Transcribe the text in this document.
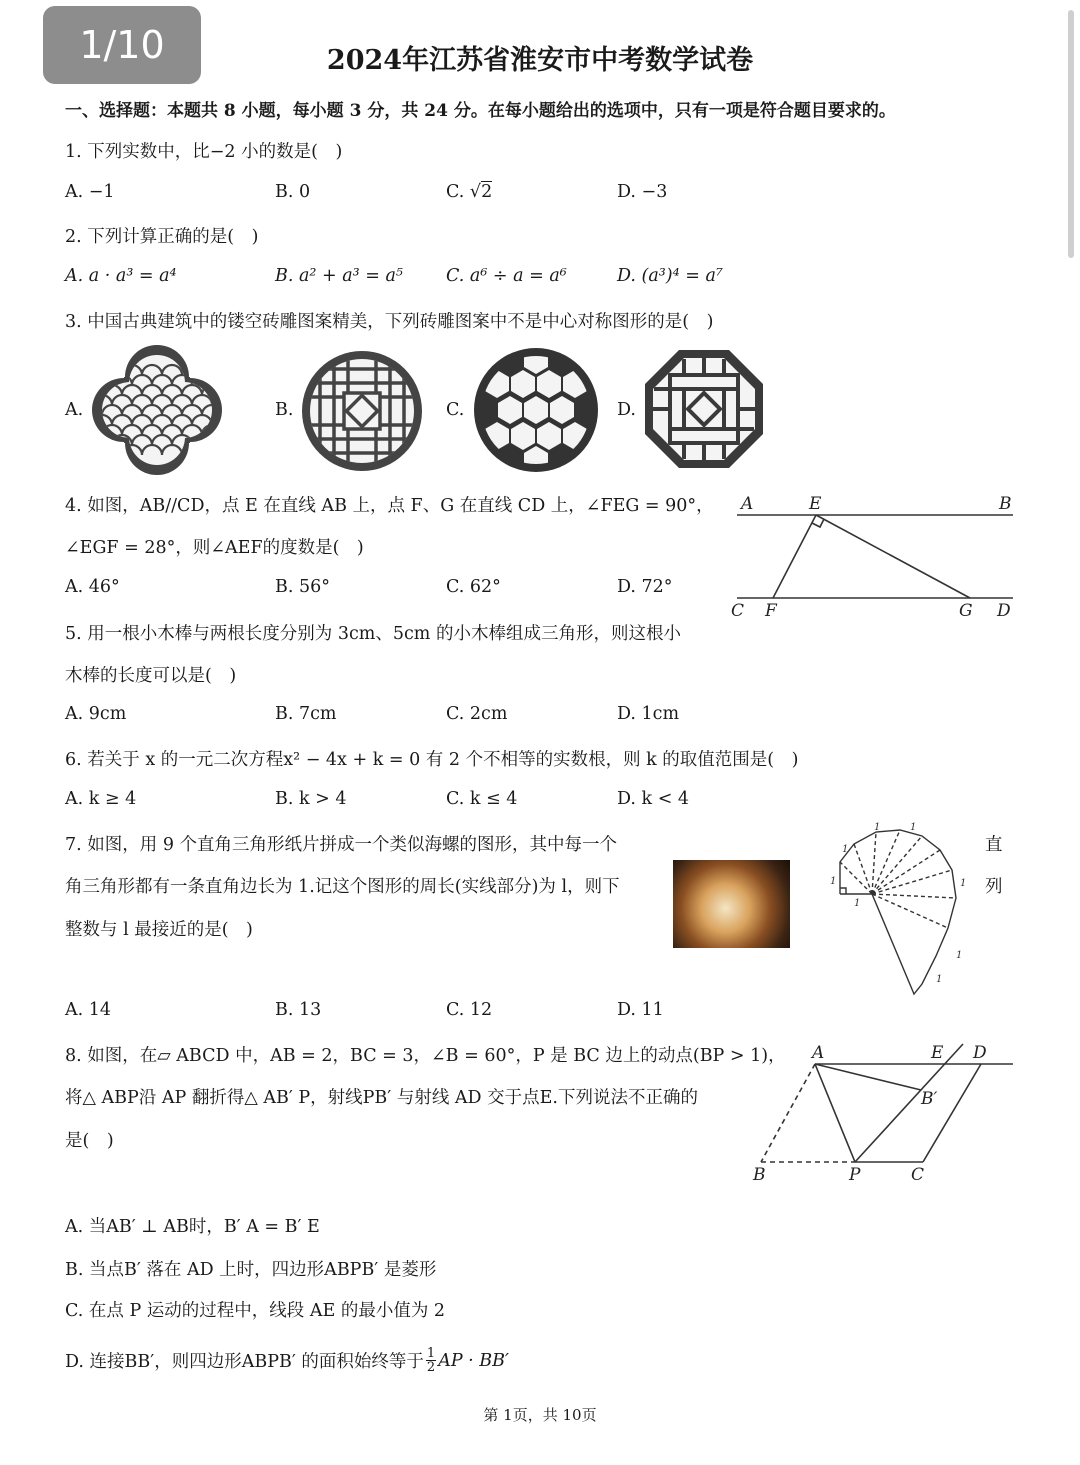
1/10	2024年江苏省淮安市中考数学试卷
一、选择题：本题共 8 小题，每小题 3 分，共 24 分。在每小题给出的选项中，只有一项是符合题目要求的。
1. 下列实数中，比−2 小的数是(　)
A. −1	B. 0	C. √2	D. −3
2. 下列计算正确的是(　)
A. a · a³ = a⁴	B. a² + a³ = a⁵ C. a⁶ ÷ a = a⁶	D. (a³)⁴ = a⁷
3. 中国古典建筑中的镂空砖雕图案精美，下列砖雕图案中不是中心对称图形的是(　)
A.	B.	C.	D.
4. 如图，AB//CD，点 E 在直线 AB 上，点 F、G 在直线 CD 上，∠FEG = 90°，
∠EGF = 28°，则∠AEF的度数是(　)
A. 46°	B. 56°	C. 62°	D. 72°
A	E	B
C F	G D
5. 用一根小木棒与两根长度分别为 3cm、5cm 的小木棒组成三角形，则这根小
木棒的长度可以是(　)
A. 9cm	B. 7cm	C. 2cm	D. 1cm
6. 若关于 x 的一元二次方程x² − 4x + k = 0 有 2 个不相等的实数根，则 k 的取值范围是(　)
A. k ≥ 4	B. k > 4	C. k ≤ 4	D. k < 4
7. 如图，用 9 个直角三角形纸片拼成一个类似海螺的图形，其中每一个
角三角形都有一条直角边长为 1.记这个图形的周长(实线部分)为 l，则下
整数与 l 最接近的是(　)
直
列
1
1
1
1	1
1
1
1
A. 14	B. 13	C. 12	D. 11
8. 如图，在▱ ABCD 中，AB = 2，BC = 3，∠B = 60°，P 是 BC 边上的动点(BP > 1)，
将△ ABP沿 AP 翻折得△ AB′ P，射线PB′ 与射线 AD 交于点E.下列说法不正确的
是(　)
A	E D
B′
B	P	C
A. 当AB′ ⊥ AB时，B′ A = B′ E
B. 当点B′ 落在 AD 上时，四边形ABPB′ 是菱形
C. 在点 P 运动的过程中，线段 AE 的最小值为 2
D. 连接BB′，则四边形ABPB′ 的面积始终等于 $\frac{1}{2}$ AP · BB′
第 1页，共 10页
